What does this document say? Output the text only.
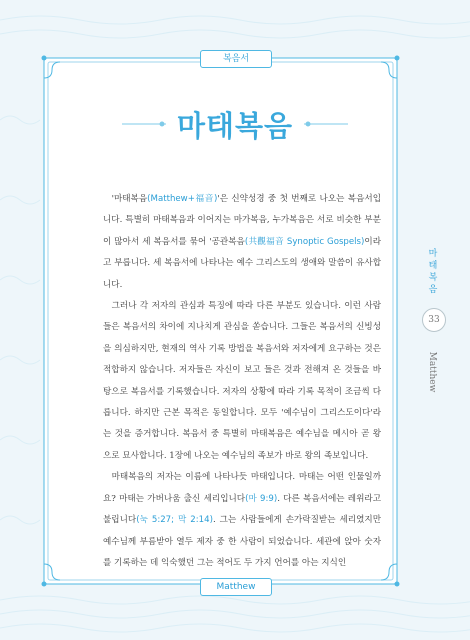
복음서
마태복음

'마태복음(Matthew+福音)'은 신약성경 중 첫 번째로 나오는 복음서입니다. 특별히 마태복음과 이어지는 마가복음, 누가복음은 서로 비슷한 부분이 많아서 세 복음서를 묶어 '공관복음(共觀福音 Synoptic Gospels)이라고 부릅니다. 세 복음서에 나타나는 예수 그리스도의 생애와 말씀이 유사합니다.

그러나 각 저자의 관심과 특징에 따라 다른 부분도 있습니다. 이런 사람들은 복음서의 차이에 지나치게 관심을 쏟습니다. 그들은 복음서의 신빙성을 의심하지만, 현재의 역사 기록 방법을 복음서와 저자에게 요구하는 것은 적합하지 않습니다. 저자들은 자신이 보고 들은 것과 전해져 온 것들을 바탕으로 복음서를 기록했습니다. 저자의 상황에 따라 기록 목적이 조금씩 다릅니다. 하지만 근본 목적은 동일합니다. 모두 '예수님이 그리스도이다'라는 것을 증거합니다. 복음서 중 특별히 마태복음은 예수님을 메시아 곧 왕으로 묘사합니다. 1장에 나오는 예수님의 족보가 바로 왕의 족보입니다.

마태복음의 저자는 이름에 나타나듯 마태입니다. 마태는 어떤 인물일까요? 마태는 가버나움 출신 세리입니다(마 9:9). 다른 복음서에는 레위라고 불립니다(눅 5:27; 막 2:14). 그는 사람들에게 손가락질받는 세리였지만 예수님께 부름받아 열두 제자 중 한 사람이 되었습니다. 세관에 앉아 숫자를 기록하는 데 익숙했던 그는 적어도 두 가지 언어를 아는 지식인

마
태
복
음
33
Matthew
Matthew
